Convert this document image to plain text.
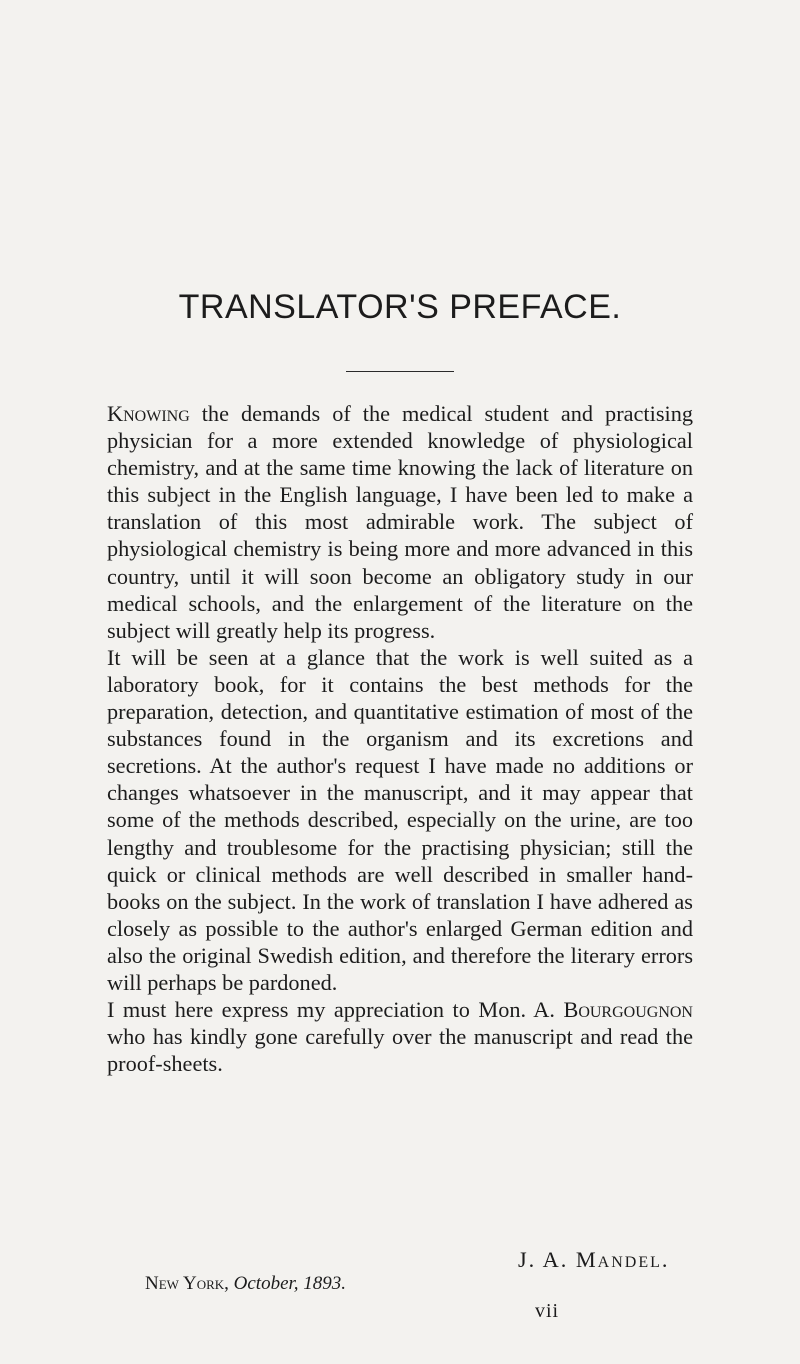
TRANSLATOR'S PREFACE.

Knowing the demands of the medical student and practising physician for a more extended knowledge of physiological chemistry, and at the same time knowing the lack of literature on this subject in the English language, I have been led to make a translation of this most admirable work. The subject of physiological chemistry is being more and more advanced in this country, until it will soon become an obligatory study in our medical schools, and the enlargement of the literature on the subject will greatly help its progress.

It will be seen at a glance that the work is well suited as a laboratory book, for it contains the best methods for the preparation, detection, and quantitative estimation of most of the substances found in the organism and its excretions and secretions. At the author's request I have made no additions or changes whatsoever in the manuscript, and it may appear that some of the methods described, especially on the urine, are too lengthy and troublesome for the practising physician; still the quick or clinical methods are well described in smaller hand-books on the subject. In the work of translation I have adhered as closely as possible to the author's enlarged German edition and also the original Swedish edition, and therefore the literary errors will perhaps be pardoned.

I must here express my appreciation to Mon. A. Bourgougnon who has kindly gone carefully over the manuscript and read the proof-sheets.

J. A. Mandel.
New York, October, 1893.
vii
